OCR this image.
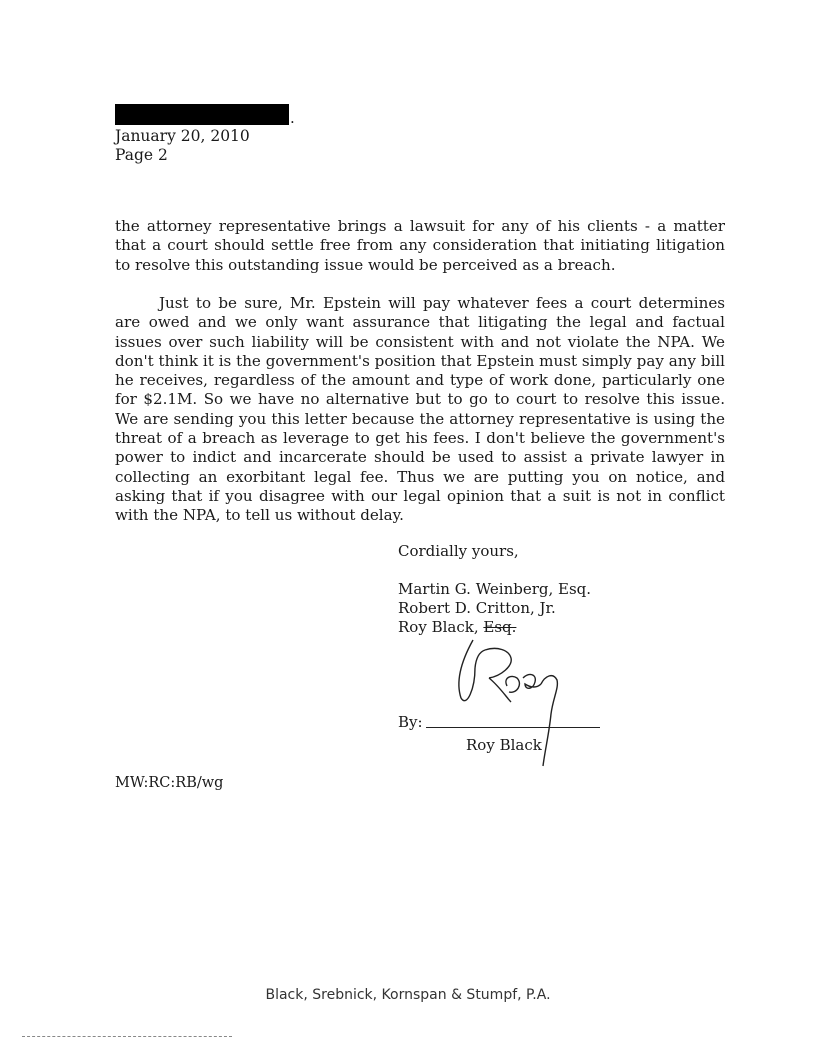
.
January 20, 2010
Page 2

the attorney representative brings a lawsuit for any of his clients - a matter that a court should settle free from any consideration that initiating litigation to resolve this outstanding issue would be perceived as a breach.

Just to be sure, Mr. Epstein will pay whatever fees a court determines are owed and we only want assurance that litigating the legal and factual issues over such liability will be consistent with and not violate the NPA. We don't think it is the government's position that Epstein must simply pay any bill he receives, regardless of the amount and type of work done, particularly one for $2.1M. So we have no alternative but to go to court to resolve this issue. We are sending you this letter because the attorney representative is using the threat of a breach as leverage to get his fees. I don't believe the government's power to indict and incarcerate should be used to assist a private lawyer in collecting an exorbitant legal fee. Thus we are putting you on notice, and asking that if you disagree with our legal opinion that a suit is not in conflict with the NPA, to tell us without delay.

Cordially yours,
Martin G. Weinberg, Esq.
Robert D. Critton, Jr.
Roy Black, Esq.
By:
Roy Black
MW:RC:RB/wg
Black, Srebnick, Kornspan & Stumpf, P.A.
